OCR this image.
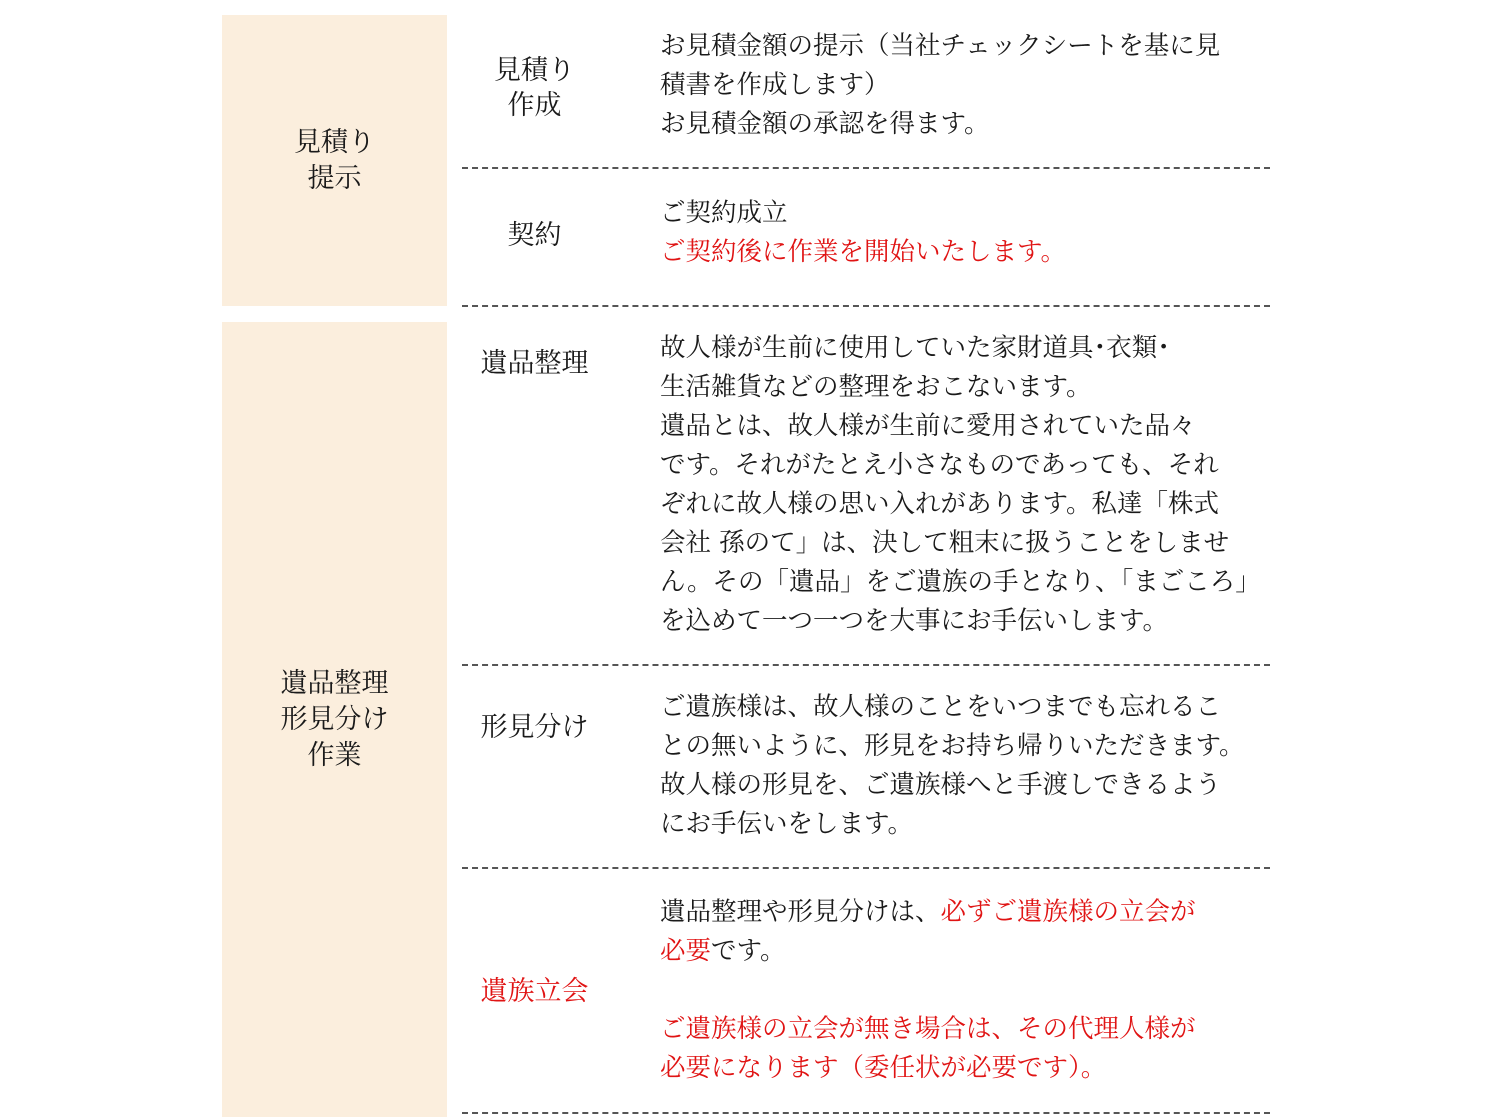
見積り
提示
見積り
作成
お見積金額の提示（当社チェックシートを基に見
積書を作成します）
お見積金額の承認を得ます。
契約
ご契約成立
ご契約後に作業を開始いたします。
遺品整理
形見分け
作業
遺品整理	故人様が生前に使用していた家財道具･衣類･
生活雑貨などの整理をおこないます。
遺品とは、故人様が生前に愛用されていた品々
です。それがたとえ小さなものであっても、それ
ぞれに故人様の思い入れがあります。私達「株式
会社 孫のて」は、決して粗末に扱うことをしませ
ん。その「遺品」をご遺族の手となり、「まごころ」
を込めて一つ一つを大事にお手伝いします。
形見分け
ご遺族様は、故人様のことをいつまでも忘れるこ
との無いように、形見をお持ち帰りいただきます。
故人様の形見を、ご遺族様へと手渡しできるよう
にお手伝いをします。
遺族立会
遺品整理や形見分けは、必ずご遺族様の立会が
必要です。
ご遺族様の立会が無き場合は、その代理人様が
必要になります（委任状が必要です）。
